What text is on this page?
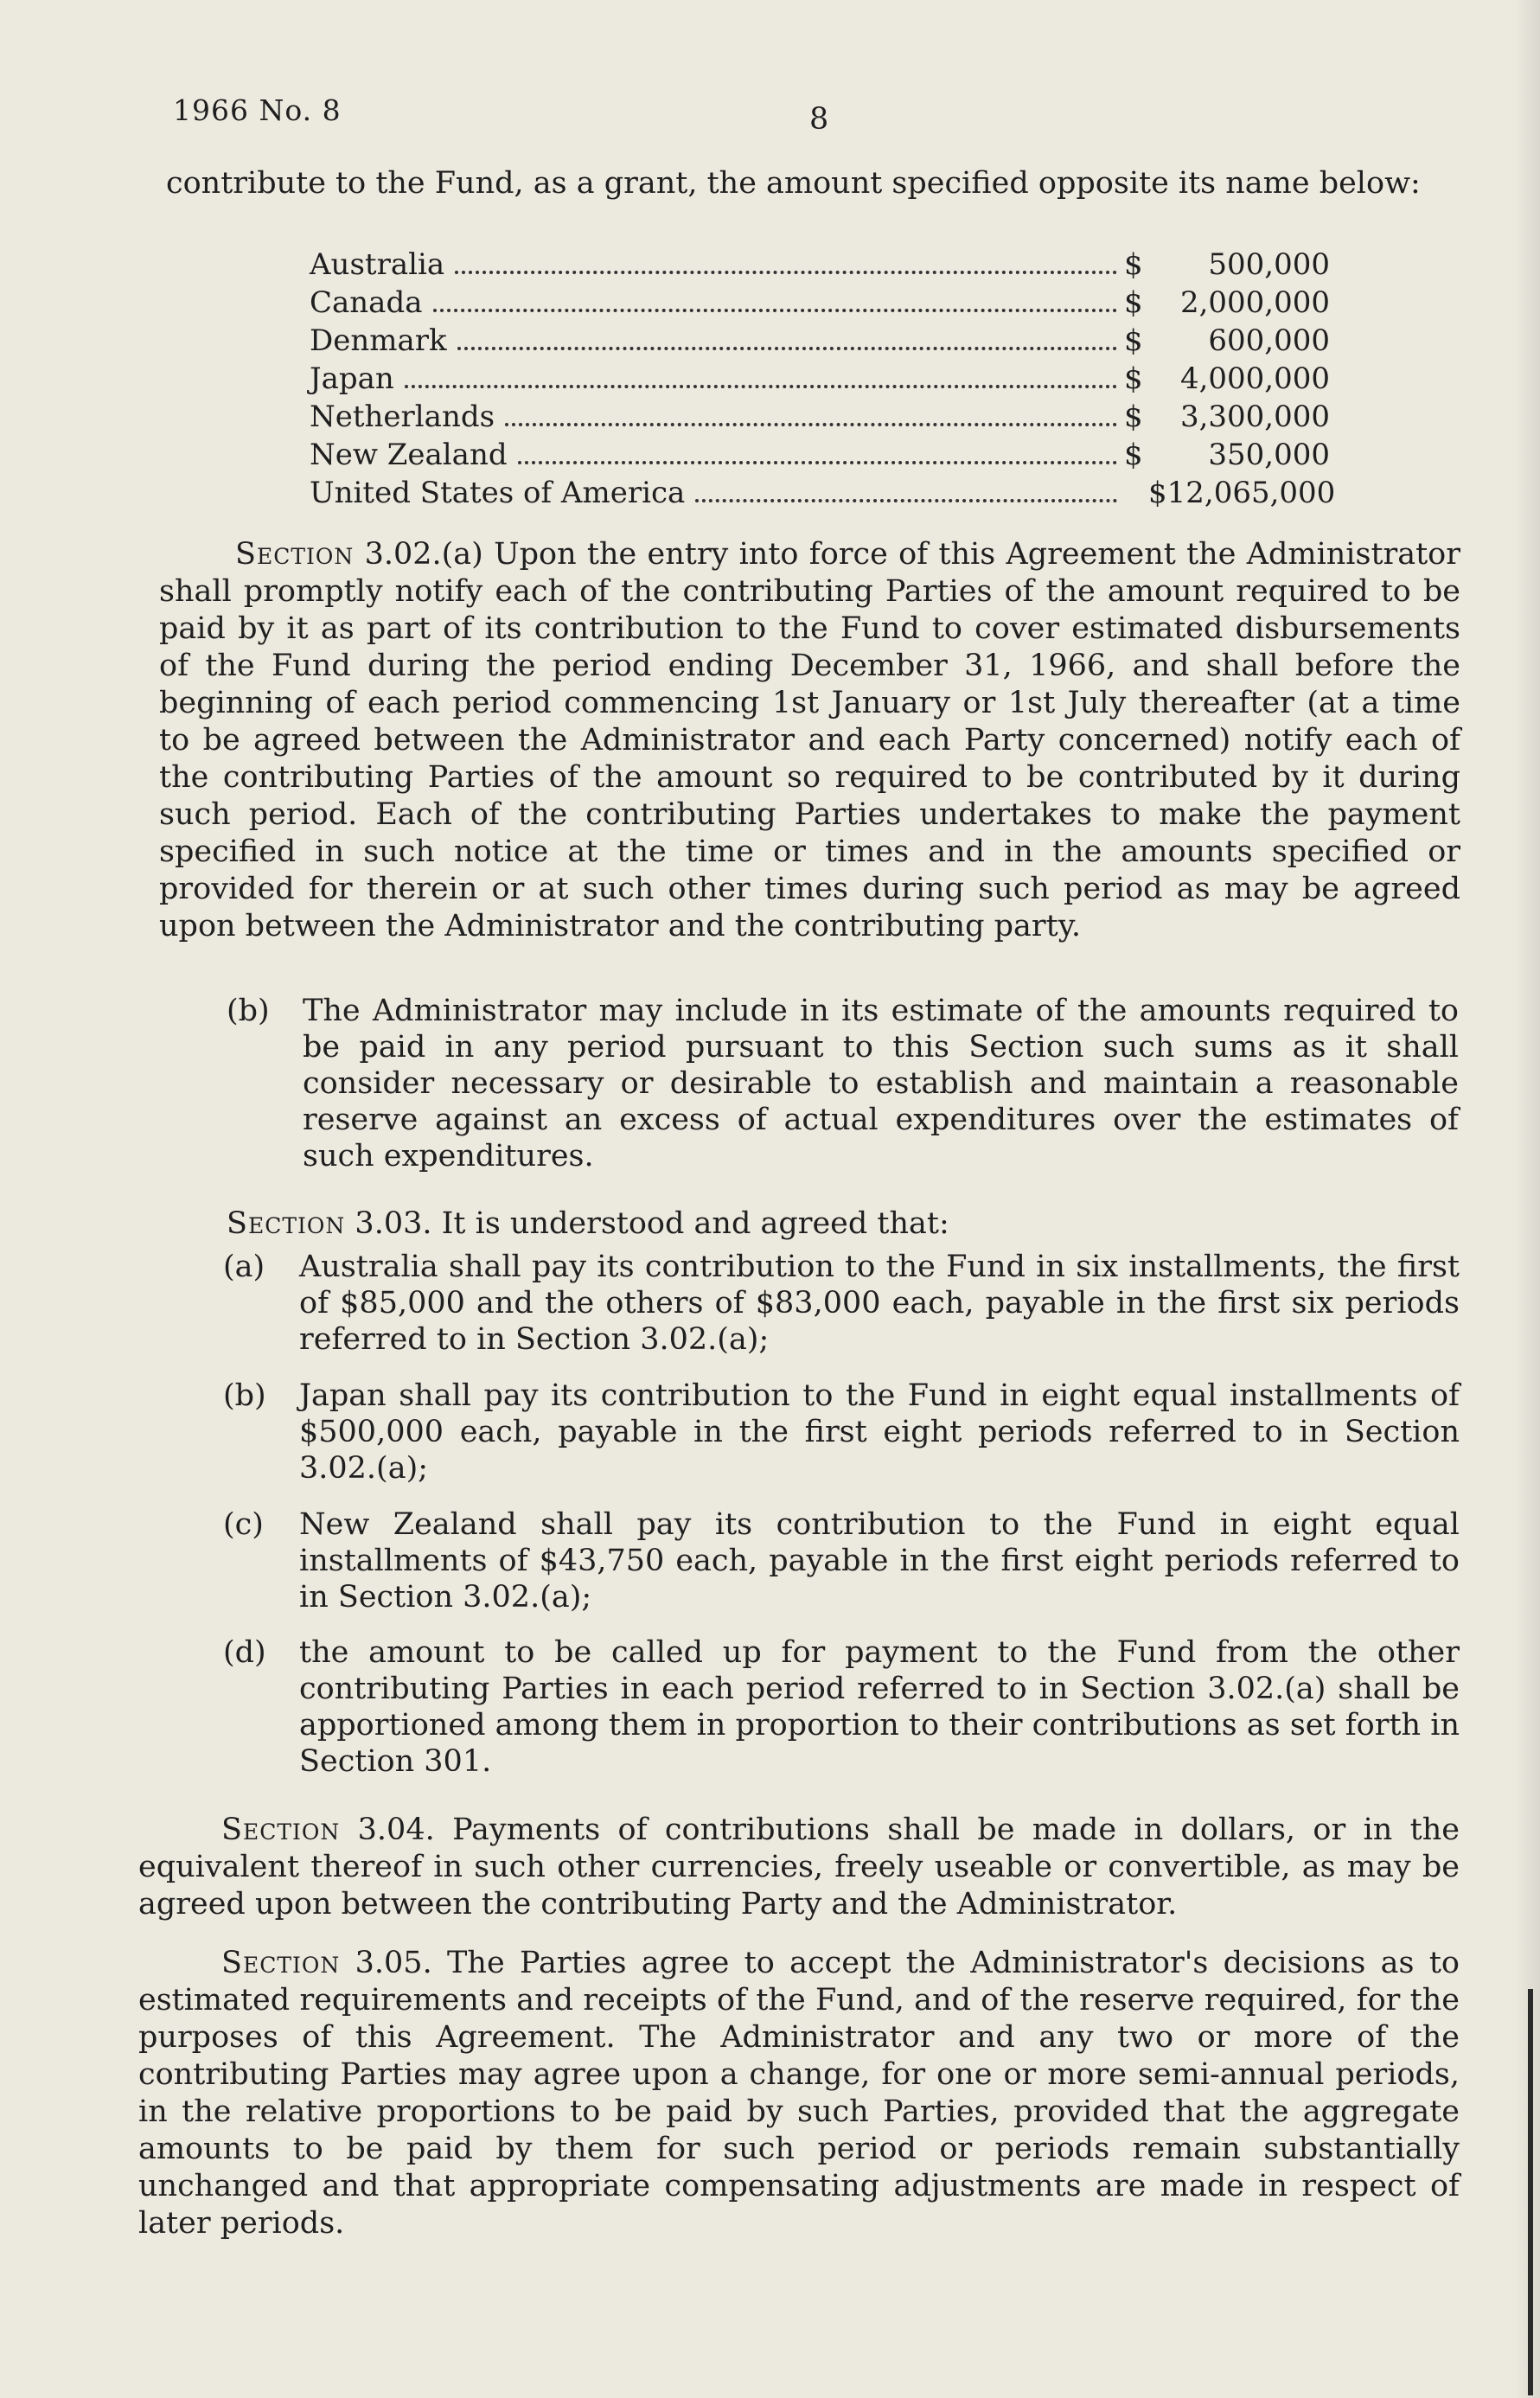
1966 No. 8	8
contribute to the Fund, as a grant, the amount specified opposite its name below:
Australia	$	500,000
Canada	$	2,000,000
Denmark	$	600,000
Japan	$	4,000,000
Netherlands	$	3,300,000
New Zealand	$	350,000
United States of America	$12,065,000
Section 3.02.(a) Upon the entry into force of this Agreement the Administrator shall promptly notify each of the contributing Parties of the amount required to be paid by it as part of its contribution to the Fund to cover estimated disbursements of the Fund during the period ending December 31, 1966, and shall before the beginning of each period commencing 1st January or 1st July thereafter (at a time to be agreed between the Administrator and each Party concerned) notify each of the contributing Parties of the amount so required to be contributed by it during such period. Each of the contributing Parties undertakes to make the payment specified in such notice at the time or times and in the amounts specified or provided for therein or at such other times during such period as may be agreed upon between the Administrator and the contributing party.
(b) The Administrator may include in its estimate of the amounts required to be paid in any period pursuant to this Section such sums as it shall consider necessary or desirable to establish and maintain a reasonable reserve against an excess of actual expenditures over the estimates of such expenditures.
Section 3.03. It is understood and agreed that:
(a) Australia shall pay its contribution to the Fund in six installments, the first of $85,000 and the others of $83,000 each, payable in the first six periods referred to in Section 3.02.(a);
(b) Japan shall pay its contribution to the Fund in eight equal installments of $500,000 each, payable in the first eight periods referred to in Section 3.02.(a);
(c) New Zealand shall pay its contribution to the Fund in eight equal installments of $43,750 each, payable in the first eight periods referred to in Section 3.02.(a);
(d) the amount to be called up for payment to the Fund from the other contributing Parties in each period referred to in Section 3.02.(a) shall be apportioned among them in proportion to their contributions as set forth in Section 301.
Section 3.04. Payments of contributions shall be made in dollars, or in the equivalent thereof in such other currencies, freely useable or convertible, as may be agreed upon between the contributing Party and the Administrator.
Section 3.05. The Parties agree to accept the Administrator's decisions as to estimated requirements and receipts of the Fund, and of the reserve required, for the purposes of this Agreement. The Administrator and any two or more of the contributing Parties may agree upon a change, for one or more semi-annual periods, in the relative proportions to be paid by such Parties, provided that the aggregate amounts to be paid by them for such period or periods remain substantially unchanged and that appropriate compensating adjustments are made in respect of later periods.
